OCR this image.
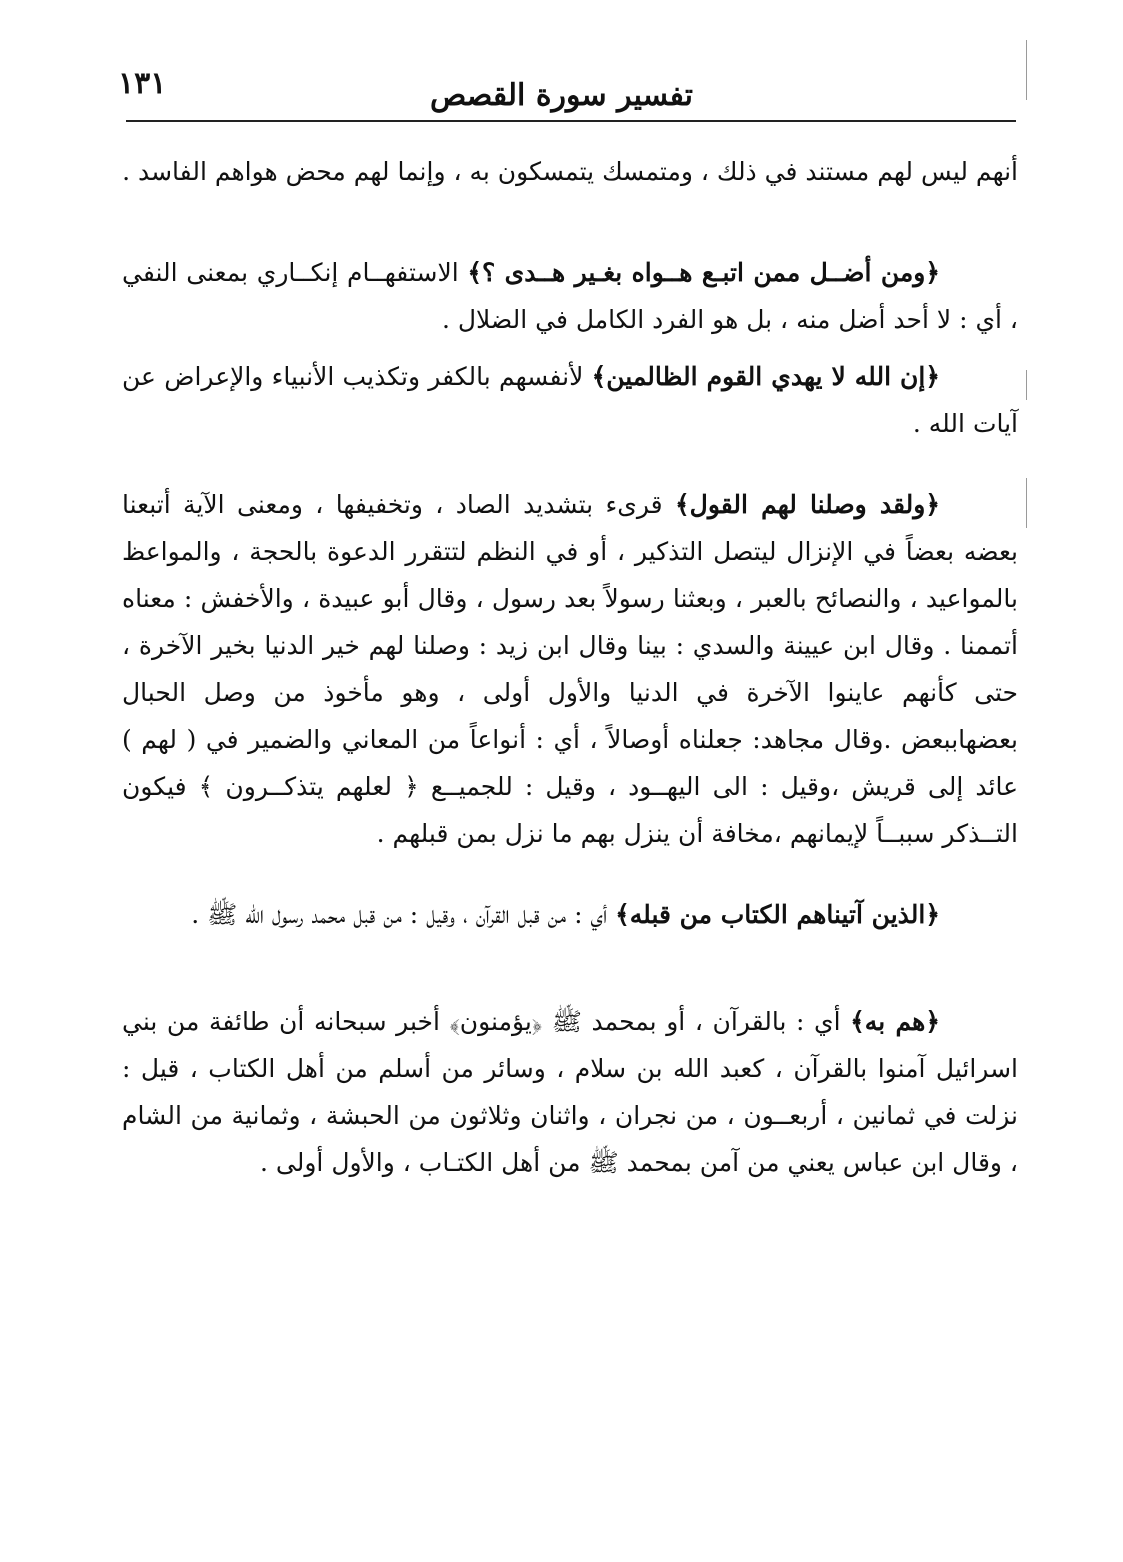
١٣١	تفسير سورة القصص

أنهم ليس لهم مستند في ذلك ، ومتمسك يتمسكون به ، وإنما لهم محض هواهم الفاسد .

﴿ومن أضــل ممن اتبـع هــواه بغـير هــدى ؟﴾ الاستفهــام إنكــاري بمعنى النفي ، أي : لا أحد أضل منه ، بل هو الفرد الكامل في الضلال .

﴿إن الله لا يهدي القوم الظالمين﴾ لأنفسهم بالكفر وتكذيب الأنبياء والإعراض عن آيات الله .

﴿ولقد وصلنا لهم القول﴾ قرىء بتشديد الصاد ، وتخفيفها ، ومعنى الآية أتبعنا بعضه بعضاً في الإنزال ليتصل التذكير ، أو في النظم لتتقرر الدعوة بالحجة ، والمواعظ بالمواعيد ، والنصائح بالعبر ، وبعثنا رسولاً بعد رسول ، وقال أبو عبيدة ، والأخفش : معناه أتممنا . وقال ابن عيينة والسدي : بينا وقال ابن زيد : وصلنا لهم خير الدنيا بخير الآخرة ، حتى كأنهم عاينوا الآخرة في الدنيا والأول أولى ، وهو مأخوذ من وصل الحبال بعضهاببعض .وقال مجاهد: جعلناه أوصالاً ، أي : أنواعاً من المعاني والضمير في ( لهم ) عائد إلى قريش ،وقيل : الى اليهــود ، وقيل : للجميــع ﴿ لعلهم يتذكــرون ﴾ فيكون التــذكر سببــاً لإيمانهم ،مخافة أن ينزل بهم ما نزل بمن قبلهم .

﴿الذين آتيناهم الكتاب من قبله﴾ أي : من قبل القرآن ، وقيل : من قبل محمد رسول الله ﷺ .

﴿هم به﴾ أي : بالقرآن ، أو بمحمد ﷺ ﴿يؤمنون﴾ أخبر سبحانه أن طائفة من بني اسرائيل آمنوا بالقرآن ، كعبد الله بن سلام ، وسائر من أسلم من أهل الكتاب ، قيل : نزلت في ثمانين ، أربعــون ، من نجران ، واثنان وثلاثون من الحبشة ، وثمانية من الشام ، وقال ابن عباس يعني من آمن بمحمد ﷺ من أهل الكتـاب ، والأول أولى .
